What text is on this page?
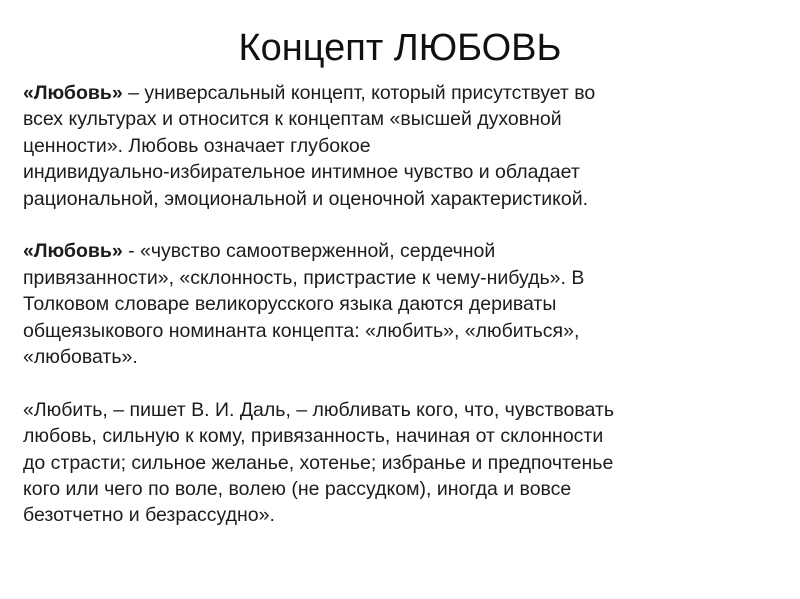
Концепт ЛЮБОВЬ
«Любовь» – универсальный концепт, который присутствует во
всех культурах и относится к концептам «высшей духовной
ценности». Любовь означает глубокое
индивидуально-избирательное интимное чувство и обладает
рациональной, эмоциональной и оценочной характеристикой.
«Любовь» - «чувство самоотверженной, сердечной
привязанности», «склонность, пристрастие к чему-нибудь». В
Толковом словаре великорусского языка даются дериваты
общеязыкового номинанта концепта: «любить», «любиться»,
«любовать».
«Любить, – пишет В. И. Даль, – любливать кого, что, чувствовать
любовь, сильную к кому, привязанность, начиная от склонности
до страсти; сильное желанье, хотенье; избранье и предпочтенье
кого или чего по воле, волею (не рассудком), иногда и вовсе
безотчетно и безрассудно».
